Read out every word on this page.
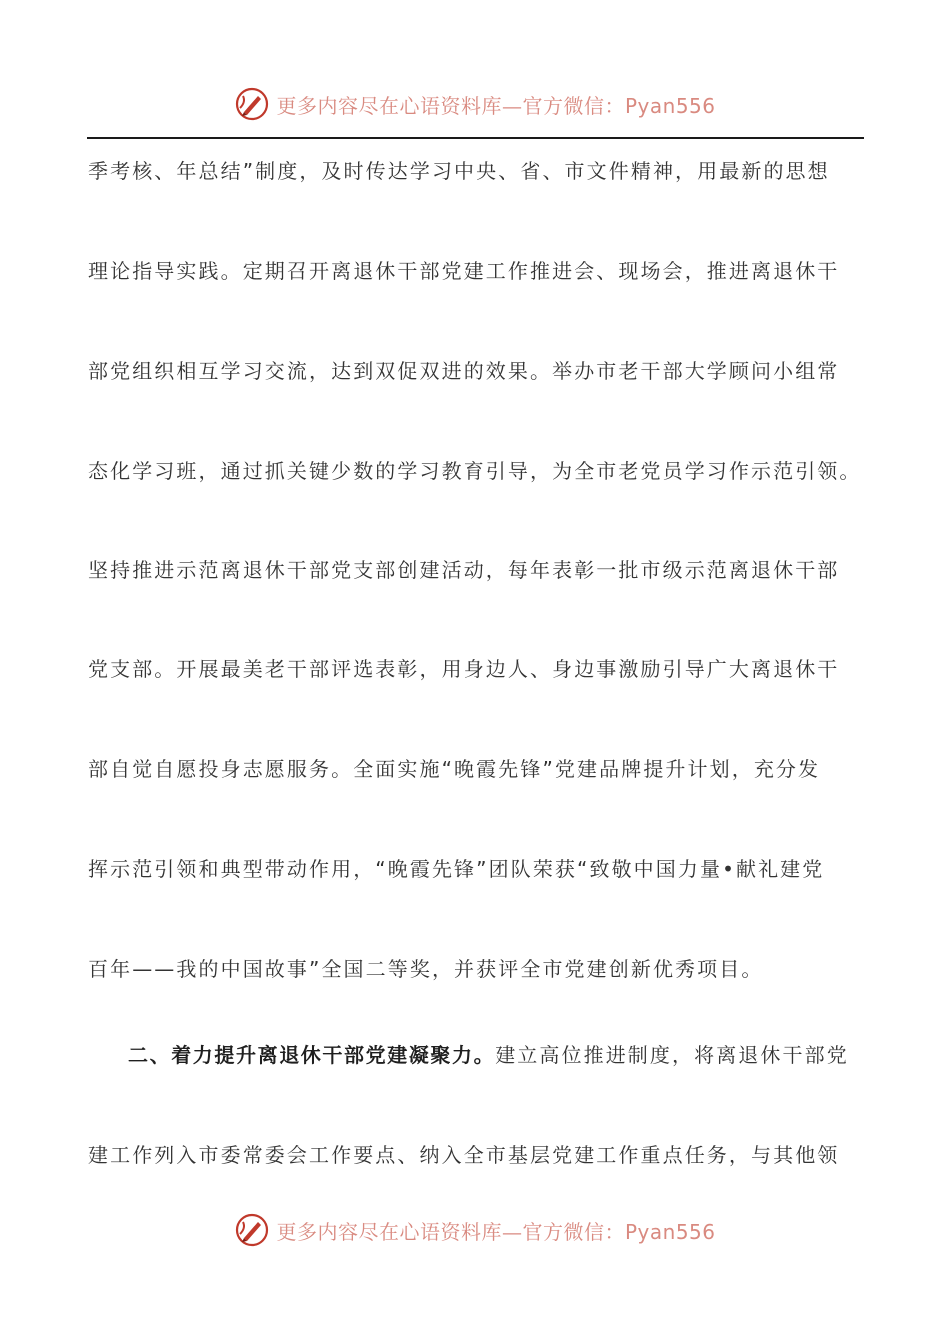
更多内容尽在心语资料库—官方微信：Pyan556
季考核、年总结”制度，及时传达学习中央、省、市文件精神，用最新的思想
理论指导实践。定期召开离退休干部党建工作推进会、现场会，推进离退休干
部党组织相互学习交流，达到双促双进的效果。举办市老干部大学顾问小组常
态化学习班，通过抓关键少数的学习教育引导，为全市老党员学习作示范引领。
坚持推进示范离退休干部党支部创建活动，每年表彰一批市级示范离退休干部
党支部。开展最美老干部评选表彰，用身边人、身边事激励引导广大离退休干
部自觉自愿投身志愿服务。全面实施“晚霞先锋”党建品牌提升计划，充分发
挥示范引领和典型带动作用，“晚霞先锋”团队荣获“致敬中国力量•献礼建党
百年——我的中国故事”全国二等奖，并获评全市党建创新优秀项目。
二、着力提升离退休干部党建凝聚力。建立高位推进制度，将离退休干部党
建工作列入市委常委会工作要点、纳入全市基层党建工作重点任务，与其他领
更多内容尽在心语资料库—官方微信：Pyan556
